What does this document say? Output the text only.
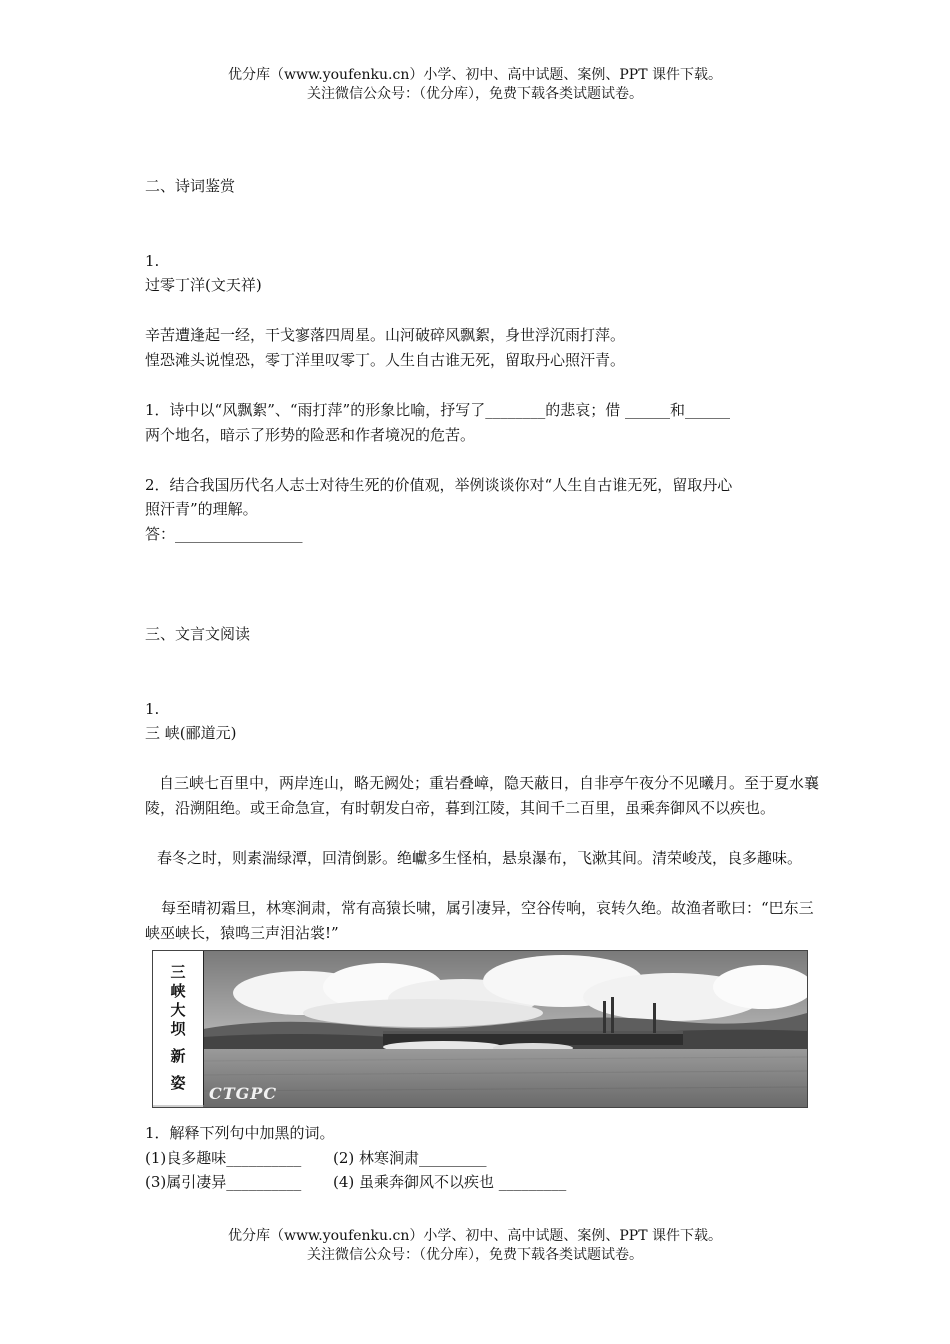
优分库（www.youfenku.cn）小学、初中、高中试题、案例、PPT 课件下载。
关注微信公众号：（优分库），免费下载各类试题试卷。
二、诗词鉴赏
1.
过零丁洋(文天祥)
辛苦遭逢起一经，干戈寥落四周星。山河破碎风飘絮，身世浮沉雨打萍。
惶恐滩头说惶恐，零丁洋里叹零丁。人生自古谁无死，留取丹心照汗青。
1．诗中以“风飘絮”、“雨打萍”的形象比喻，抒写了________的悲哀；借 ______和______
两个地名，暗示了形势的险恶和作者境况的危苦。
2．结合我国历代名人志士对待生死的价值观，举例谈谈你对“人生自古谁无死，留取丹心
照汗青”的理解。
答：_________________
三、文言文阅读
1.
三 峡(郦道元)
自三峡七百里中，两岸连山，略无阙处；重岩叠嶂，隐天蔽日，自非亭午夜分不见曦月。至于夏水襄陵，沿溯阻绝。或王命急宣，有时朝发白帝，暮到江陵，其间千二百里，虽乘奔御风不以疾也。
春冬之时，则素湍绿潭，回清倒影。绝巘多生怪柏，悬泉瀑布，飞漱其间。清荣峻茂，良多趣味。
每至晴初霜旦，林寒涧肃，常有高猿长啸，属引凄异，空谷传响，哀转久绝。故渔者歌曰：“巴东三峡巫峡长，猿鸣三声泪沾裳!”
三
峡
大
坝
新
姿
CTGPC
1．解释下列句中加黑的词。
(1)良多趣味__________ (2) 林寒涧肃_________
(3)属引凄异__________ (4) 虽乘奔御风不以疾也 _________
优分库（www.youfenku.cn）小学、初中、高中试题、案例、PPT 课件下载。
关注微信公众号：（优分库），免费下载各类试题试卷。
